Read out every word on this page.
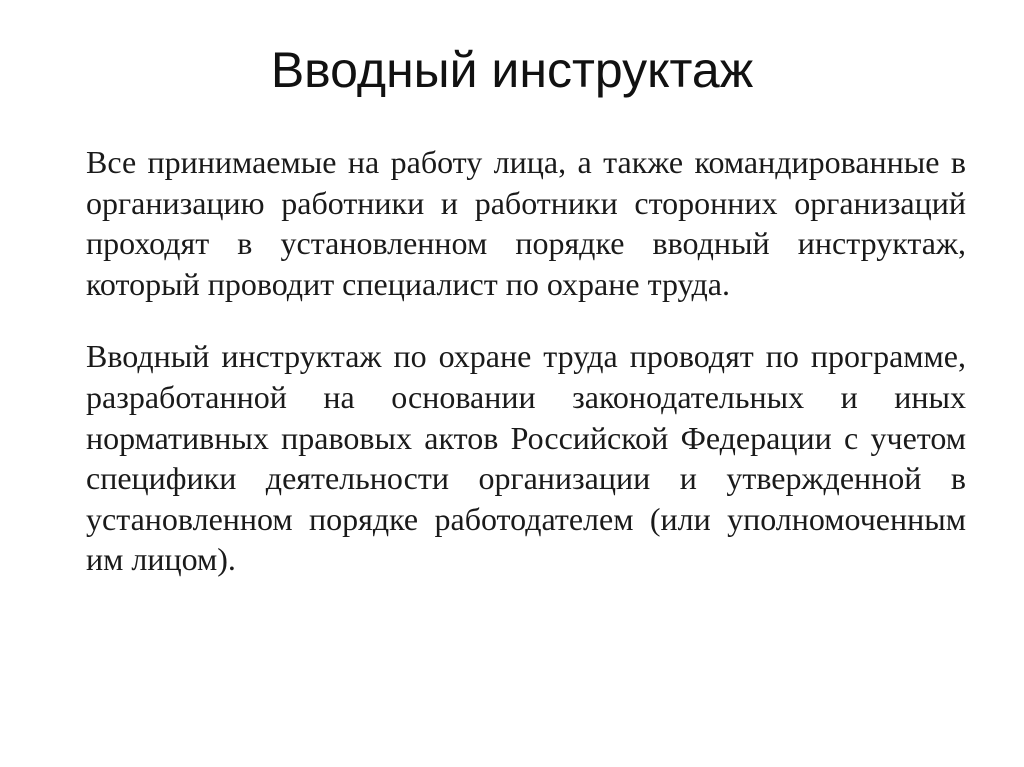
Вводный инструктаж

Все принимаемые на работу лица, а также командированные в организацию работники и работники сторонних организаций проходят в установленном порядке вводный инструктаж, который проводит специалист по охране труда.

Вводный инструктаж по охране труда проводят по программе, разработанной на основании законодательных и иных нормативных правовых актов Российской Федерации с учетом специфики деятельности организации и утвержденной в установленном порядке работодателем (или уполномоченным им лицом).
